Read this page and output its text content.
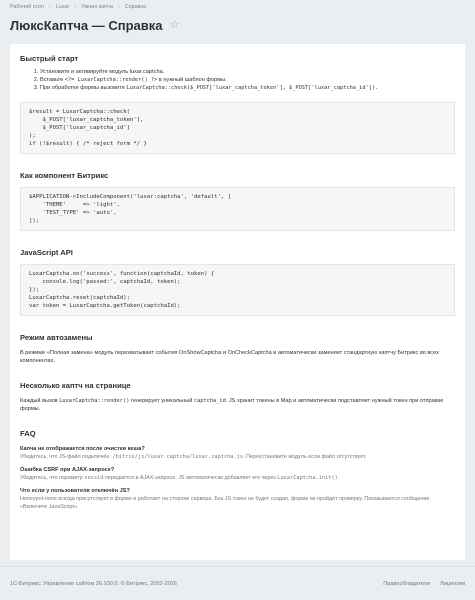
Рабочий стол › Luxar › Умная капча › Справка
ЛюксКаптча — Справка ☆
Быстрый старт
1. Установите и активируйте модуль luxar.captcha.
2. Вставьте <?= LuxarCaptcha::render() ?> в нужный шаблон формы.
3. При обработке формы вызовите LuxarCaptcha::check($_POST['luxar_captcha_token'], $_POST['luxar_captcha_id']).
$result = LuxarCaptcha::check(
$_POST['luxar_captcha_token'],
$_POST['luxar_captcha_id']
);
if (!$result) { /* reject form */ }
Как компонент Битрикс
$APPLICATION->IncludeComponent('luxar:captcha', 'default', [
'THEME'     => 'light',
'TEST_TYPE' => 'auto',
]);
JavaScript API
LuxarCaptcha.on('success', function(captchaId, token) {
console.log('passed:', captchaId, token);
});
LuxarCaptcha.reset(captchaId);
var token = LuxarCaptcha.getToken(captchaId);
Режим автозамены

В режиме «Полная замена» модуль перехватывает события OnShowCaptcha и OnCheckCaptcha и автоматически заменяет стандартную каптчу Битрикс во всех компонентах.

Несколько каптч на странице

Каждый вызов LuxarCaptcha::render() генерирует уникальный captcha_id. JS хранит токены в Map и автоматически подставляет нужный токен при отправке формы.

FAQ

Капча не отображается после очистки кеша?

Убедитесь, что JS-файл подключён: /bitrix/js/luxar.captcha/luxar.captcha.js. Переустановите модуль если файл отсутствует.

Ошибка CSRF при AJAX-запросе?

Убедитесь, что параметр sessid передаётся в AJAX-запросе. JS автоматически добавляет его через LuxarCaptcha.init().

Что если у пользователя отключён JS?

Honeypot-поле всегда присутствует в форме и работает на стороне сервера. Без JS токен не будет создан, форма не пройдёт проверку. Показывается сообщение «Включите JavaScript».

1С-Битрикс: Управление сайтом 26.100.0. © Битрикс, 2002-2026	Правообладатели Лицензии
